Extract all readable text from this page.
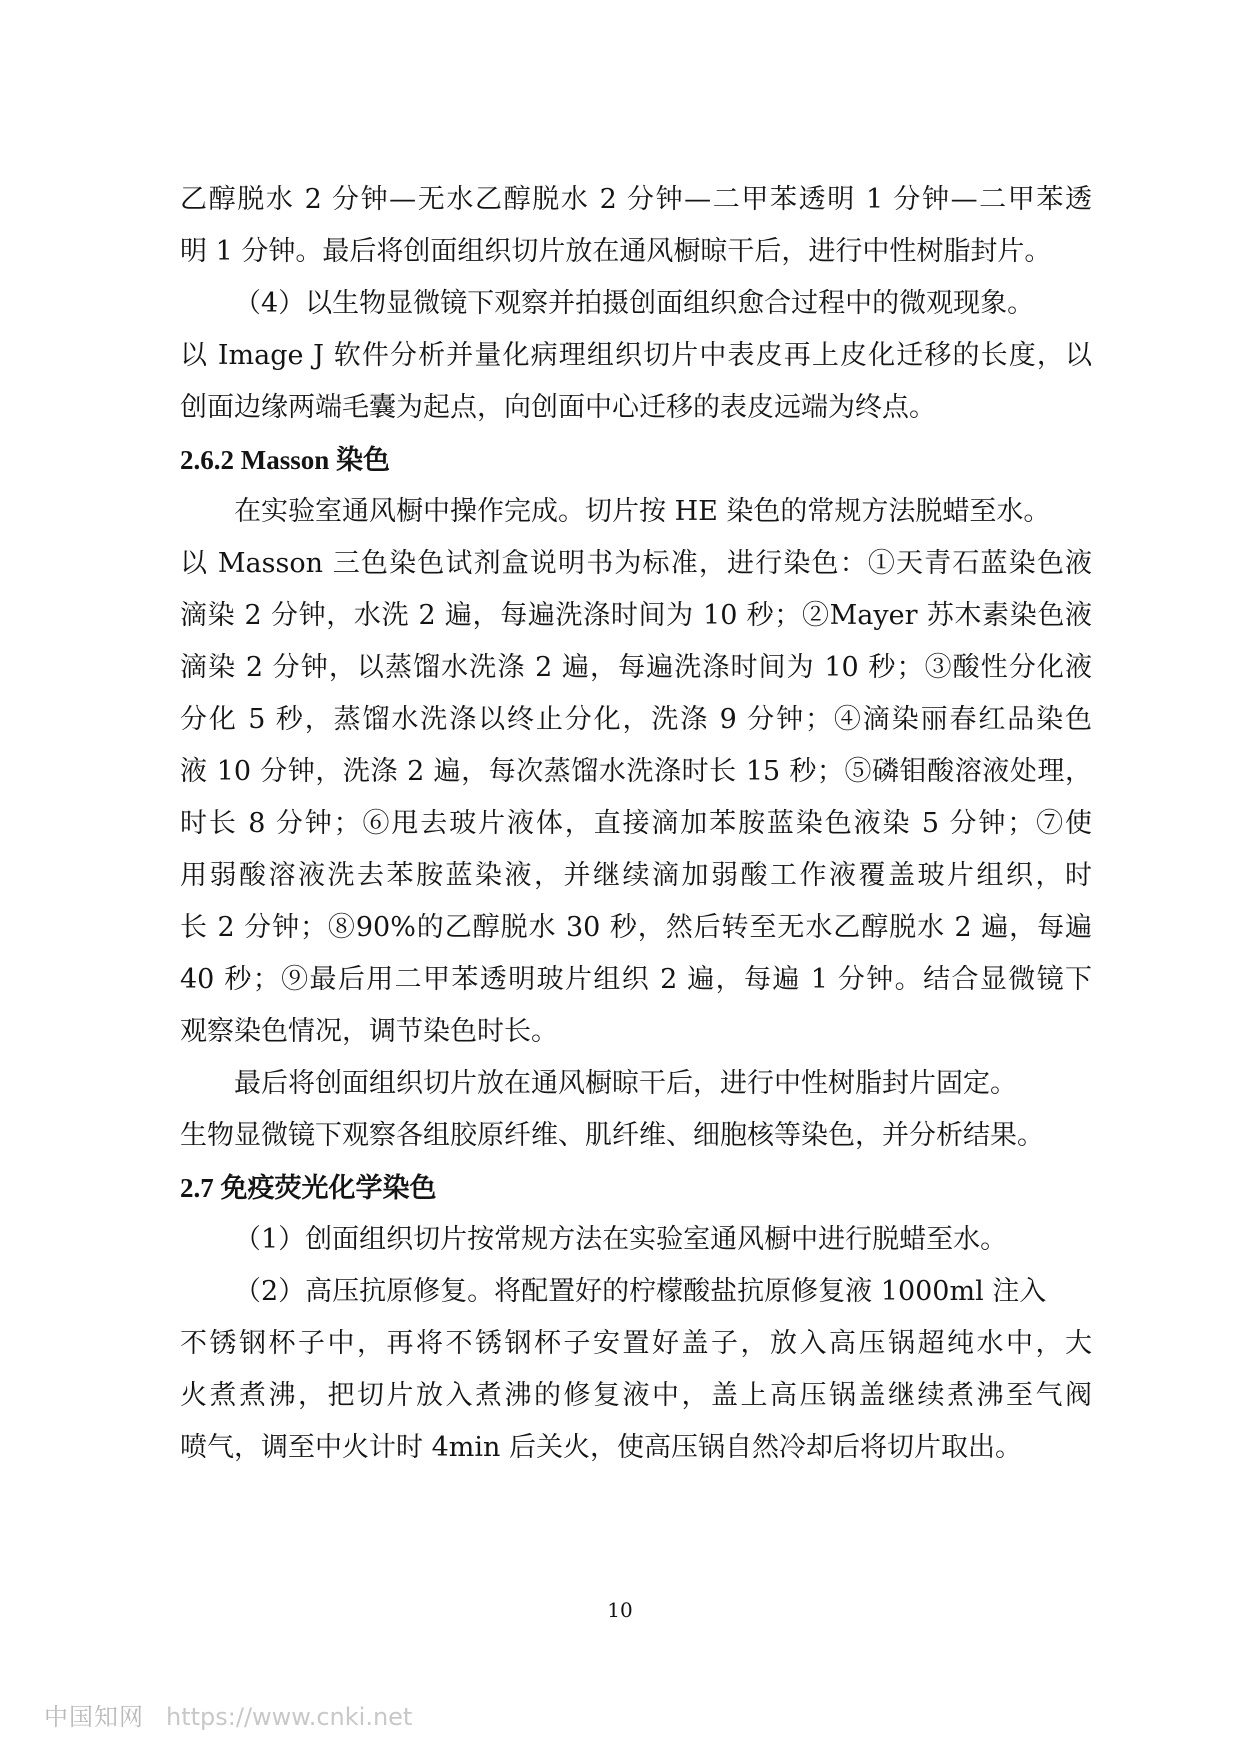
乙醇脱水 2 分钟—无水乙醇脱水 2 分钟—二甲苯透明 1 分钟—二甲苯透
明 1 分钟。最后将创面组织切片放在通风橱晾干后，进行中性树脂封片。
（4）以生物显微镜下观察并拍摄创面组织愈合过程中的微观现象。
以 Image J 软件分析并量化病理组织切片中表皮再上皮化迁移的长度，以
创面边缘两端毛囊为起点，向创面中心迁移的表皮远端为终点。
2.6.2 Masson 染色
在实验室通风橱中操作完成。切片按 HE 染色的常规方法脱蜡至水。
以 Masson 三色染色试剂盒说明书为标准，进行染色：①天青石蓝染色液
滴染 2 分钟，水洗 2 遍，每遍洗涤时间为 10 秒；②Mayer 苏木素染色液
滴染 2 分钟，以蒸馏水洗涤 2 遍，每遍洗涤时间为 10 秒；③酸性分化液
分化 5 秒，蒸馏水洗涤以终止分化，洗涤 9 分钟；④滴染丽春红品染色
液 10 分钟，洗涤 2 遍，每次蒸馏水洗涤时长 15 秒；⑤磷钼酸溶液处理，
时长 8 分钟；⑥甩去玻片液体，直接滴加苯胺蓝染色液染 5 分钟；⑦使
用弱酸溶液洗去苯胺蓝染液，并继续滴加弱酸工作液覆盖玻片组织，时
长 2 分钟；⑧90%的乙醇脱水 30 秒，然后转至无水乙醇脱水 2 遍，每遍
40 秒；⑨最后用二甲苯透明玻片组织 2 遍，每遍 1 分钟。结合显微镜下
观察染色情况，调节染色时长。
最后将创面组织切片放在通风橱晾干后，进行中性树脂封片固定。
生物显微镜下观察各组胶原纤维、肌纤维、细胞核等染色，并分析结果。
2.7 免疫荧光化学染色
（1）创面组织切片按常规方法在实验室通风橱中进行脱蜡至水。
（2）高压抗原修复。将配置好的柠檬酸盐抗原修复液 1000ml 注入
不锈钢杯子中，再将不锈钢杯子安置好盖子，放入高压锅超纯水中，大
火煮煮沸，把切片放入煮沸的修复液中，盖上高压锅盖继续煮沸至气阀
喷气，调至中火计时 4min 后关火，使高压锅自然冷却后将切片取出。
10
中国知网 https://www.cnki.net
